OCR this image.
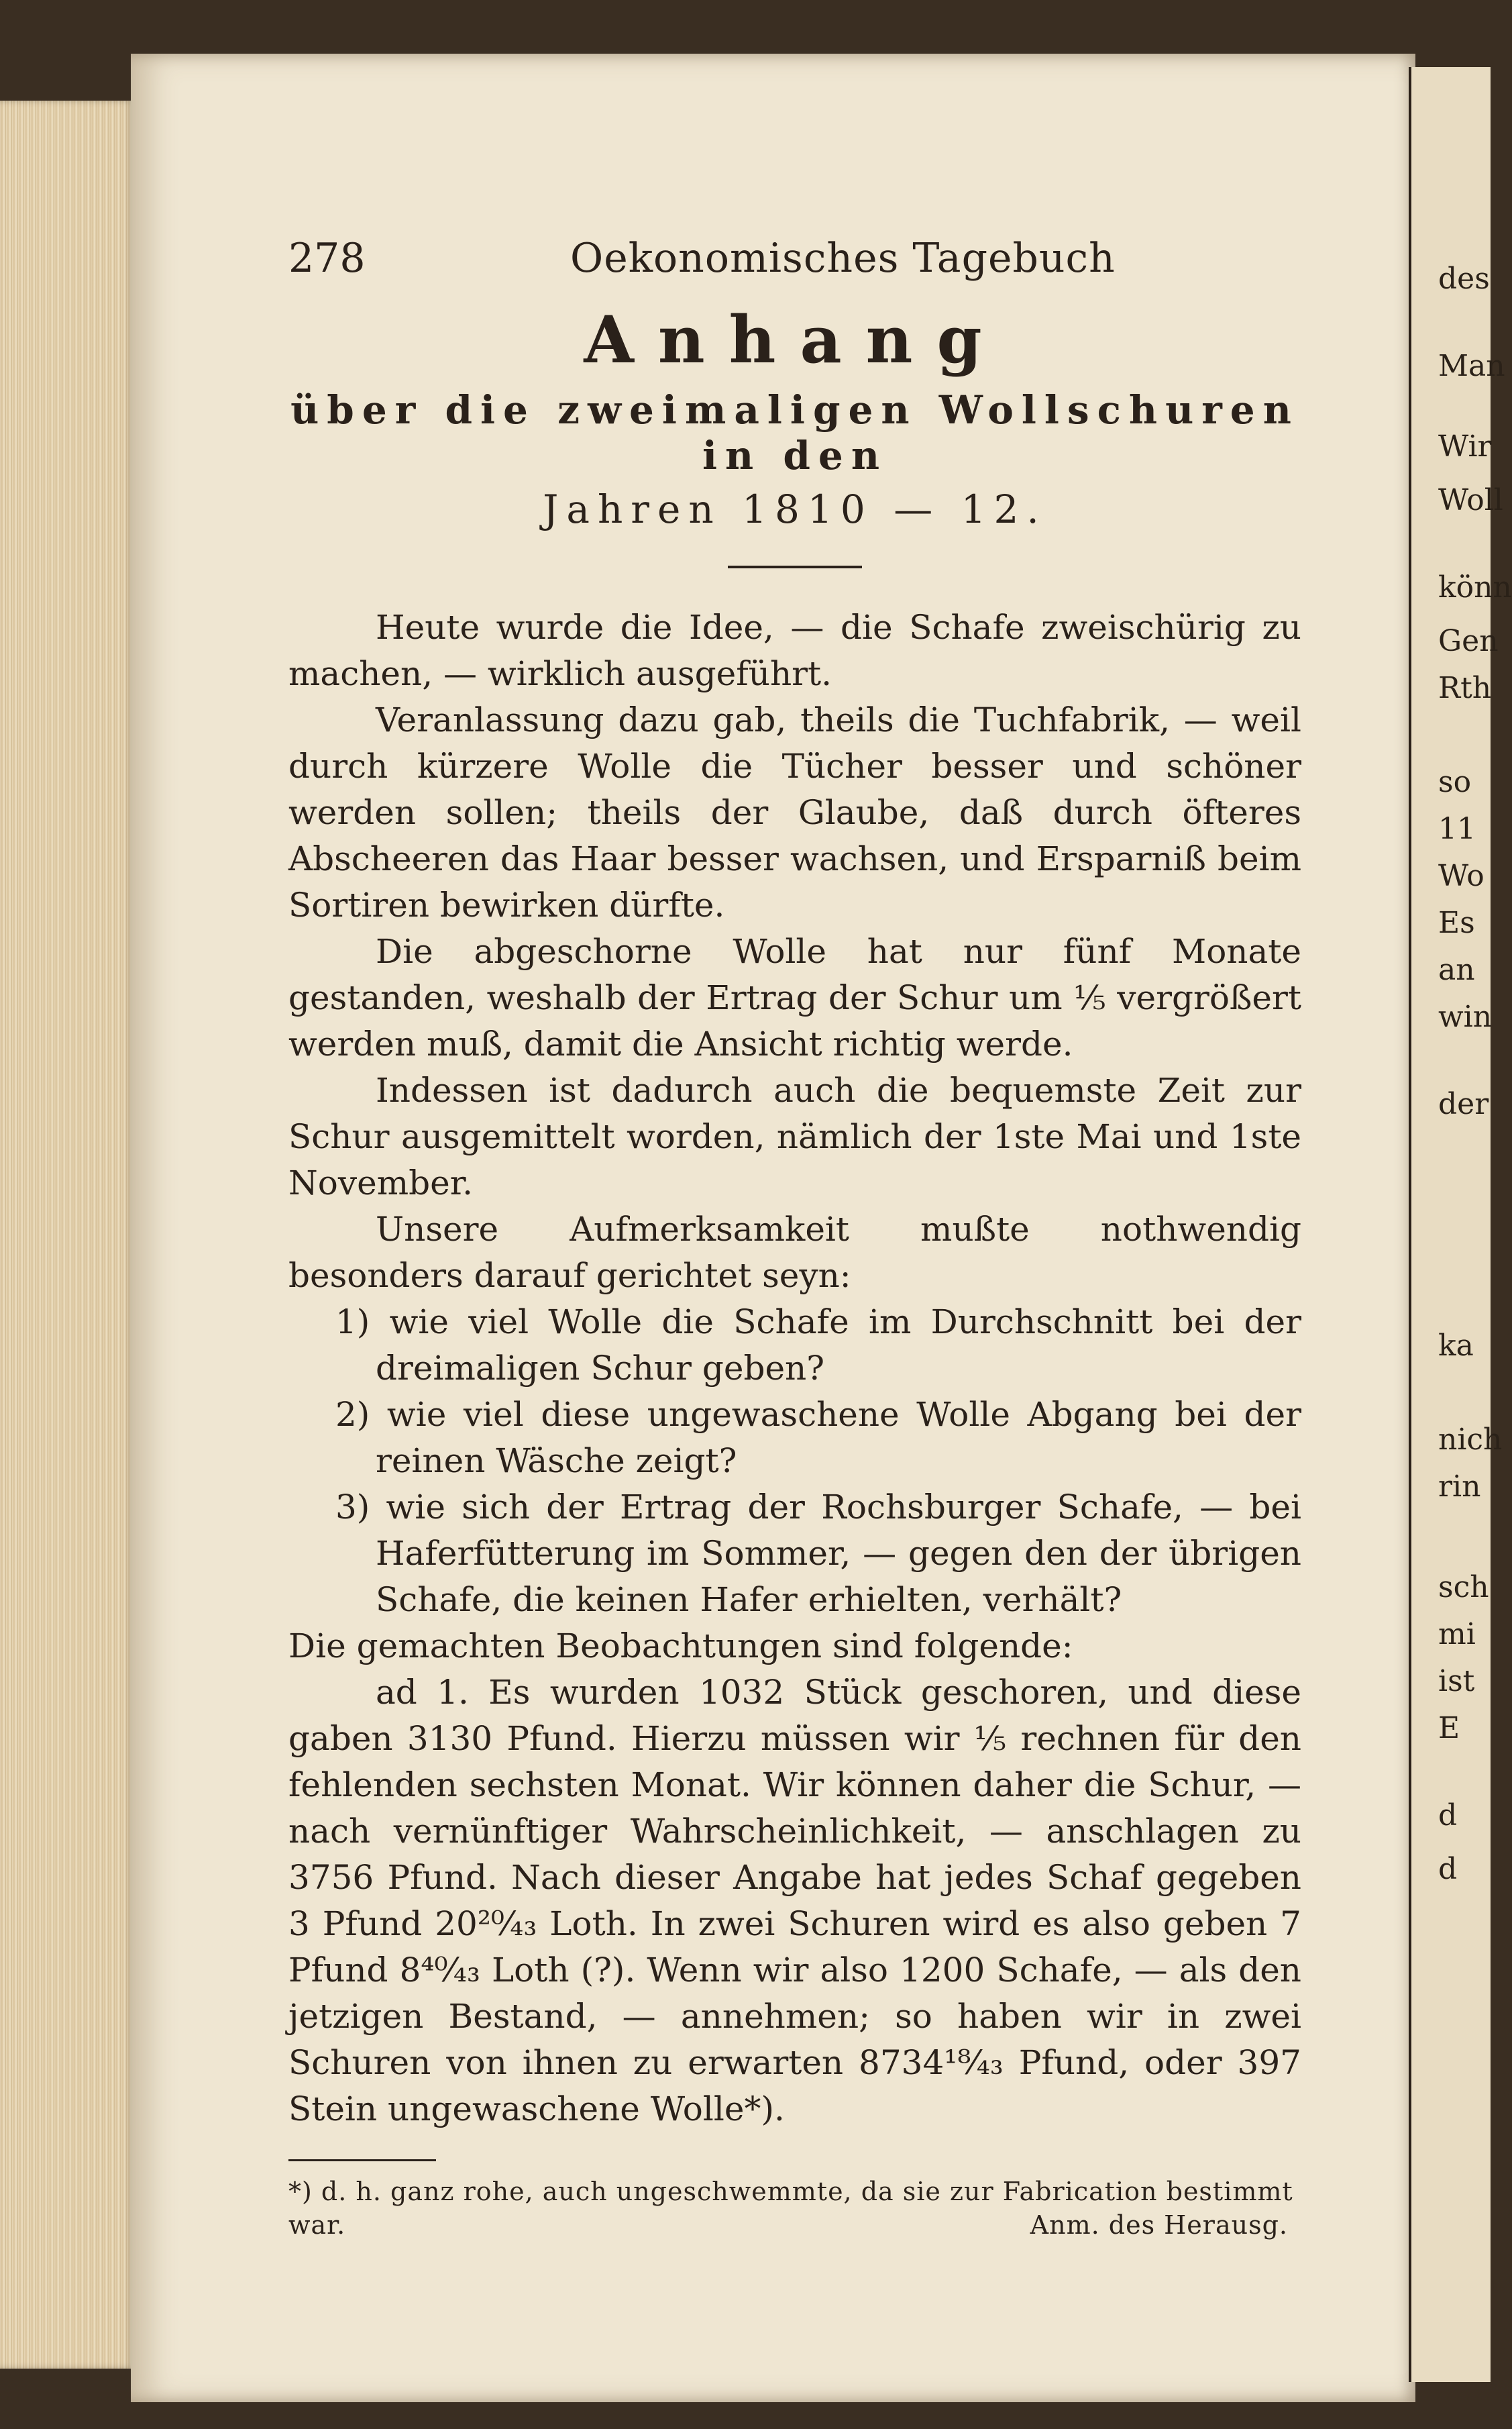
des
Man
Wir
Woll
könn
Gen
Rth
so
11
Wo
Es
an
win
der
ka
nich
rin
sch
mi
ist
E
d
d
278	Oekonomisches Tagebuch
Anhang
über die zweimaligen Wollschuren in den
Jahren 1810 — 12.

Heute wurde die Idee, — die Schafe zweischürig zu machen, — wirklich ausgeführt.

Veranlassung dazu gab, theils die Tuchfabrik, — weil durch kürzere Wolle die Tücher besser und schöner werden sollen; theils der Glaube, daß durch öfteres Abscheeren das Haar besser wachsen, und Ersparniß beim Sortiren bewirken dürfte.

Die abgeschorne Wolle hat nur fünf Monate gestanden, weshalb der Ertrag der Schur um ⅕ vergrößert werden muß, damit die Ansicht richtig werde.

Indessen ist dadurch auch die bequemste Zeit zur Schur ausgemittelt worden, nämlich der 1ste Mai und 1ste November.

Unsere Aufmerksamkeit mußte nothwendig besonders darauf gerichtet seyn:

1) wie viel Wolle die Schafe im Durchschnitt bei der dreimaligen Schur geben?

2) wie viel diese ungewaschene Wolle Abgang bei der reinen Wäsche zeigt?

3) wie sich der Ertrag der Rochsburger Schafe, — bei Haferfütterung im Sommer, — gegen den der übrigen Schafe, die keinen Hafer erhielten, verhält?

Die gemachten Beobachtungen sind folgende:

ad 1. Es wurden 1032 Stück geschoren, und diese gaben 3130 Pfund. Hierzu müssen wir ⅕ rechnen für den fehlenden sechsten Monat. Wir können daher die Schur, — nach vernünftiger Wahrscheinlichkeit, — anschlagen zu 3756 Pfund. Nach dieser Angabe hat jedes Schaf gegeben 3 Pfund 20²⁰⁄₄₃ Loth. In zwei Schuren wird es also geben 7 Pfund 8⁴⁰⁄₄₃ Loth (?). Wenn wir also 1200 Schafe, — als den jetzigen Bestand, — annehmen; so haben wir in zwei Schuren von ihnen zu erwarten 8734¹⁸⁄₄₃ Pfund, oder 397 Stein ungewaschene Wolle*).

*) d. h. ganz rohe, auch ungeschwemmte, da sie zur Fabrication bestimmt war.	Anm. des Herausg.
